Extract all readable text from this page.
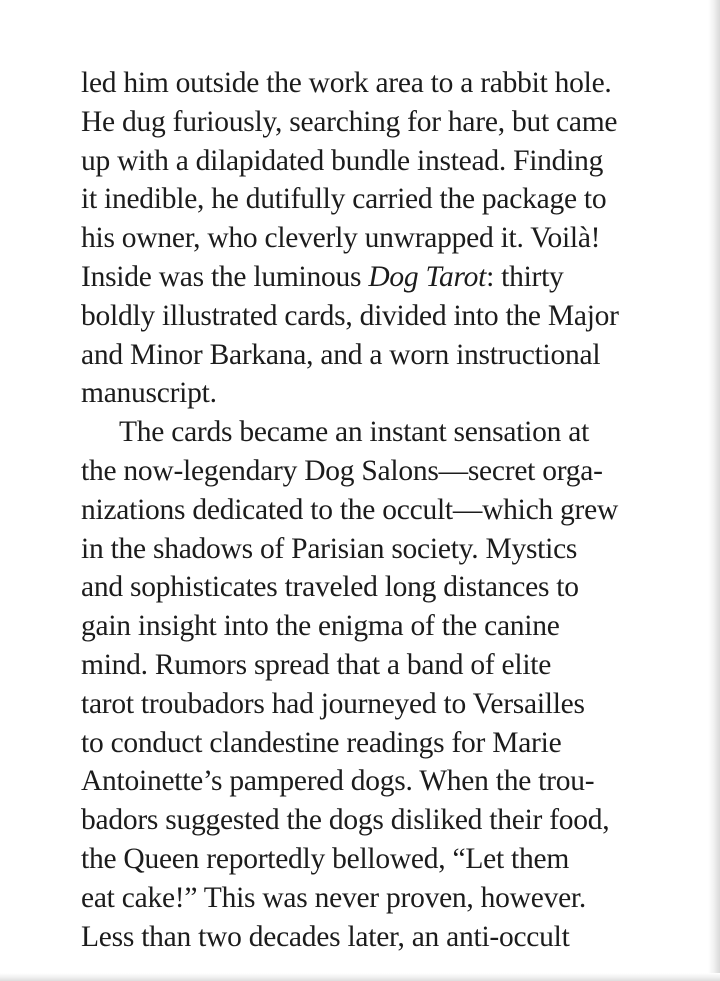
led him outside the work area to a rabbit hole.
He dug furiously, searching for hare, but came
up with a dilapidated bundle instead. Finding
it inedible, he dutifully carried the package to
his owner, who cleverly unwrapped it. Voilà!
Inside was the luminous Dog Tarot: thirty
boldly illustrated cards, divided into the Major
and Minor Barkana, and a worn instructional
manuscript.
The cards became an instant sensation at
the now-legendary Dog Salons—secret orga-
nizations dedicated to the occult—which grew
in the shadows of Parisian society. Mystics
and sophisticates traveled long distances to
gain insight into the enigma of the canine
mind. Rumors spread that a band of elite
tarot troubadors had journeyed to Versailles
to conduct clandestine readings for Marie
Antoinette’s pampered dogs. When the trou-
badors suggested the dogs disliked their food,
the Queen reportedly bellowed, “Let them
eat cake!” This was never proven, however.
Less than two decades later, an anti-occult
